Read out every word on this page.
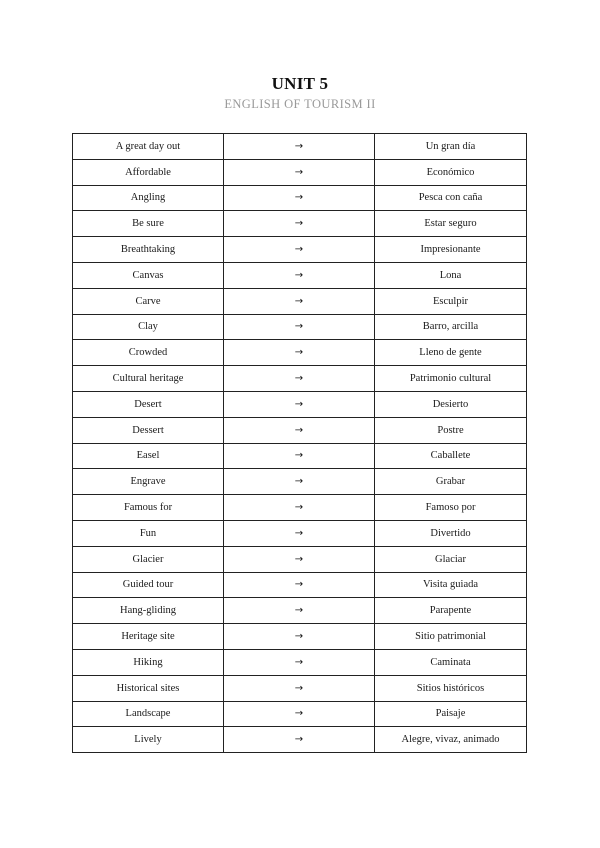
UNIT 5
ENGLISH OF TOURISM II
A great day out	→	Un gran día
Affordable	→	Económico
Angling	→	Pesca con caña
Be sure	→	Estar seguro
Breathtaking	→	Impresionante
Canvas	→	Lona
Carve	→	Esculpir
Clay	→	Barro, arcilla
Crowded	→	Lleno de gente
Cultural heritage	→	Patrimonio cultural
Desert	→	Desierto
Dessert	→	Postre
Easel	→	Caballete
Engrave	→	Grabar
Famous for	→	Famoso por
Fun	→	Divertido
Glacier	→	Glaciar
Guided tour	→	Visita guiada
Hang-gliding	→	Parapente
Heritage site	→	Sitio patrimonial
Hiking	→	Caminata
Historical sites	→	Sitios históricos
Landscape	→	Paisaje
Lively	→	Alegre, vivaz, animado
